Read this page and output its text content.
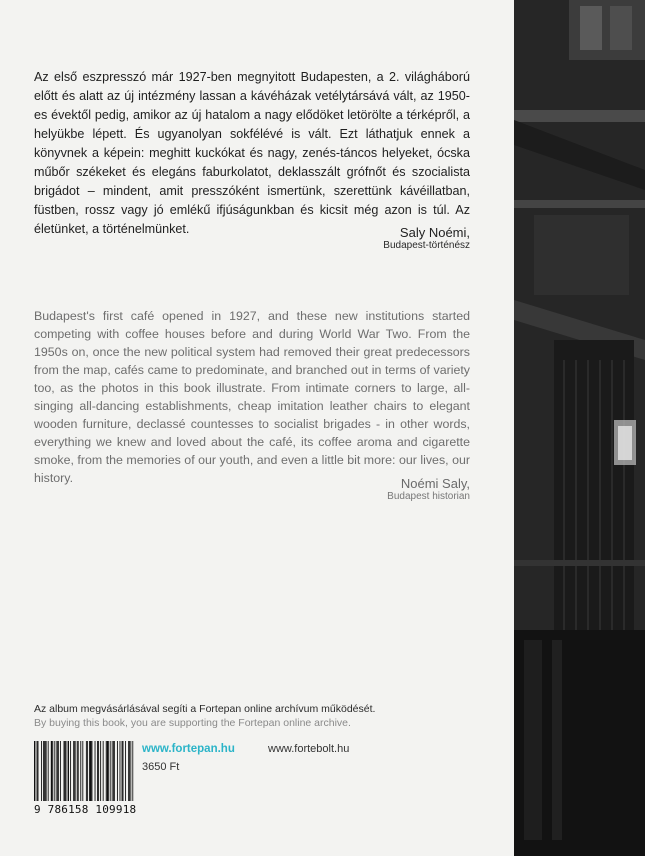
Az első eszpresszó már 1927-ben megnyitott Budapesten, a 2. világháború előtt és alatt az új intézmény lassan a kávéházak vetélytársává vált, az 1950-es évektől pedig, amikor az új hatalom a nagy elődöket letörölte a térképről, a helyükbe lépett. És ugyanolyan sokfélévé is vált. Ezt láthatjuk ennek a könyvnek a képein: meghitt kuckókat és nagy, zenés-táncos helyeket, ócska műbőr székeket és elegáns faburkolatot, deklasszált grófnőt és szocialista brigádot – mindent, amit presszóként ismertünk, szerettünk kávéillatban, füstben, rossz vagy jó emlékű ifjúságunkban és kicsit még azon is túl. Az életünket, a történelmünket.	Saly Noémi,
Budapest-történész

Budapest's first café opened in 1927, and these new institutions started competing with coffee houses before and during World War Two. From the 1950s on, once the new political system had removed their great predecessors from the map, cafés came to predominate, and branched out in terms of variety too, as the photos in this book illustrate. From intimate corners to large, all-singing all-dancing establishments, cheap imitation leather chairs to elegant wooden furniture, declassé countesses to socialist brigades - in other words, everything we knew and loved about the café, its coffee aroma and cigarette smoke, from the memories of our youth, and even a little bit more: our lives, our history.	Noémi Saly,
Budapest historian
Az album megvásárlásával segíti a Fortepan online archívum működését.
By buying this book, you are supporting the Fortepan online archive.
9 786158 109918
www.fortepan.hu	www.fortebolt.hu
3650 Ft
